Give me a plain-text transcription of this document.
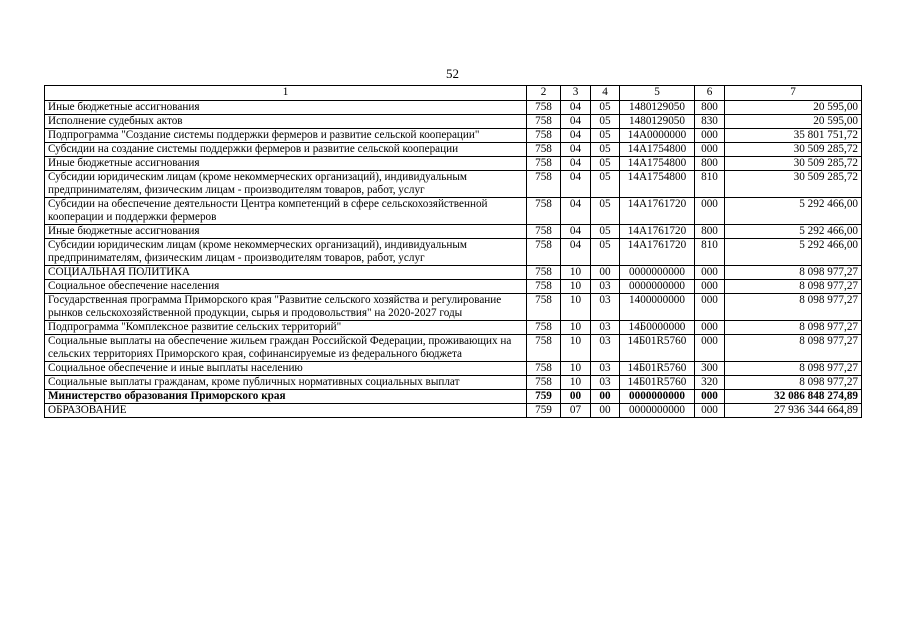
52
1	2	3	4	5	6	7
Иные бюджетные ассигнования	758	04	05	1480129050	800	20 595,00
Исполнение судебных актов	758	04	05	1480129050	830	20 595,00
Подпрограмма "Создание системы поддержки фермеров и развитие сельской кооперации"	758	04	05	14А0000000	000	35 801 751,72
Субсидии на создание системы поддержки фермеров и развитие сельской кооперации	758	04	05	14А1754800	000	30 509 285,72
Иные бюджетные ассигнования	758	04	05	14А1754800	800	30 509 285,72
Субсидии юридическим лицам (кроме некоммерческих организаций), индивидуальным предпринимателям, физическим лицам - производителям товаров, работ, услуг	758	04	05	14А1754800	810	30 509 285,72
Субсидии на обеспечение деятельности Центра компетенций в сфере сельскохозяйственной кооперации и поддержки фермеров	758	04	05	14А1761720	000	5 292 466,00
Иные бюджетные ассигнования	758	04	05	14А1761720	800	5 292 466,00
Субсидии юридическим лицам (кроме некоммерческих организаций), индивидуальным предпринимателям, физическим лицам - производителям товаров, работ, услуг	758	04	05	14А1761720	810	5 292 466,00
СОЦИАЛЬНАЯ ПОЛИТИКА	758	10	00	0000000000	000	8 098 977,27
Социальное обеспечение населения	758	10	03	0000000000	000	8 098 977,27
Государственная программа Приморского края "Развитие сельского хозяйства и регулирование рынков сельскохозяйственной продукции, сырья и продовольствия" на 2020-2027 годы	758	10	03	1400000000	000	8 098 977,27
Подпрограмма "Комплексное развитие сельских территорий"	758	10	03	14Б0000000	000	8 098 977,27
Социальные выплаты на обеспечение жильем граждан Российской Федерации, проживающих на сельских территориях Приморского края, софинансируемые из федерального бюджета	758	10	03	14Б01R5760	000	8 098 977,27
Социальное обеспечение и иные выплаты населению	758	10	03	14Б01R5760	300	8 098 977,27
Социальные выплаты гражданам, кроме публичных нормативных социальных выплат	758	10	03	14Б01R5760	320	8 098 977,27
Министерство образования Приморского края	759	00	00	0000000000	000	32 086 848 274,89
ОБРАЗОВАНИЕ	759	07	00	0000000000	000	27 936 344 664,89
